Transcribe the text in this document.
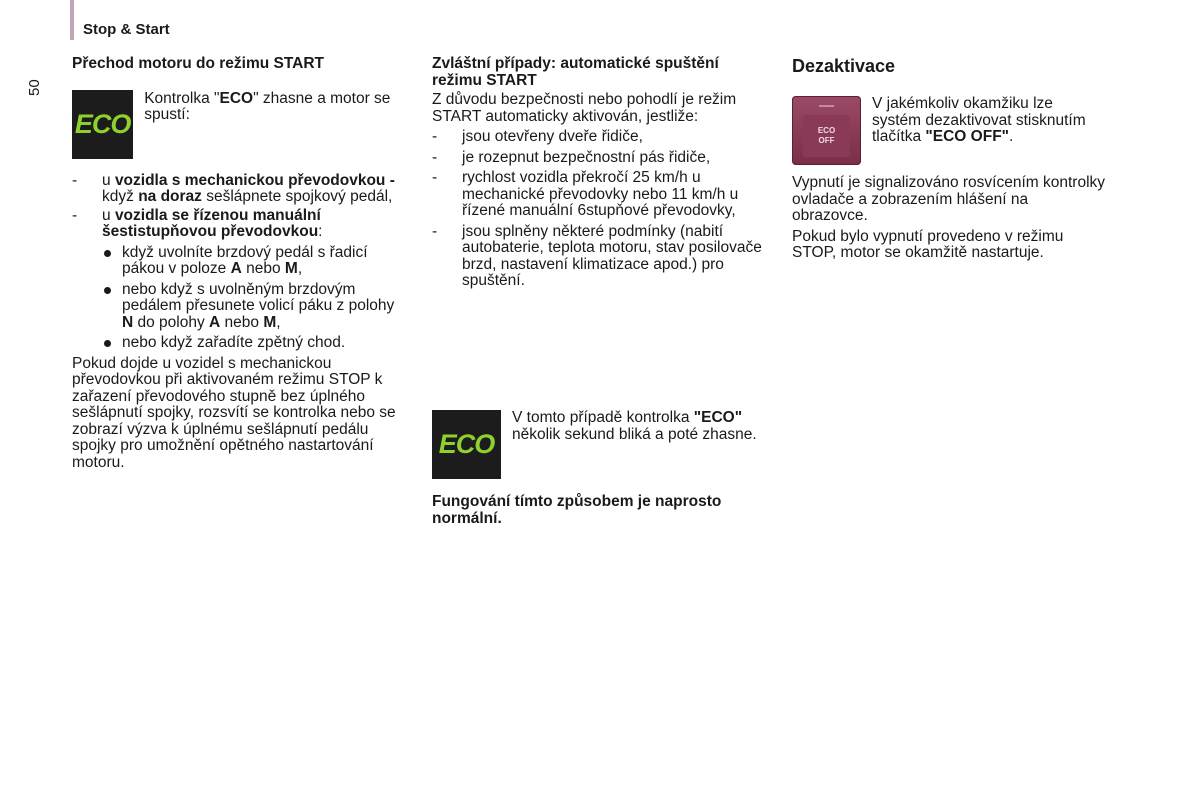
Stop & Start
50

Přechod motoru do režimu START

ECO

Kontrolka "ECO" zhasne a motor se spustí:

- u vozidla s mechanickou převodovkou - když na doraz sešlápnete spojkový pedál,
- u vozidla se řízenou manuální šestistupňovou převodovkou:
když uvolníte brzdový pedál s řadicí pákou v poloze A nebo M,
nebo když s uvolněným brzdovým pedálem přesunete volicí páku z polohy N do polohy A nebo M,
nebo když zařadíte zpětný chod.

Pokud dojde u vozidel s mechanickou převodovkou při aktivovaném režimu STOP k zařazení převodového stupně bez úplného sešlápnutí spojky, rozsvítí se kontrolka nebo se zobrazí výzva k úplnému sešlápnutí pedálu spojky pro umožnění opětného nastartování motoru.

Zvláštní případy: automatické spuštění režimu START

Z důvodu bezpečnosti nebo pohodlí je režim START automaticky aktivován, jestliže:

- jsou otevřeny dveře řidiče,
- je rozepnut bezpečnostní pás řidiče,
- rychlost vozidla překročí 25 km/h u mechanické převodovky nebo 11 km/h u řízené manuální 6stupňové převodovky,
- jsou splněny některé podmínky (nabití autobaterie, teplota motoru, stav posilovače brzd, nastavení klimatizace apod.) pro spuštění.
ECO

V tomto případě kontrolka "ECO" několik sekund bliká a poté zhasne.

Fungování tímto způsobem je naprosto normální.

Dezaktivace

ECO
OFF

V jakémkoliv okamžiku lze systém dezaktivovat stisknutím tlačítka "ECO OFF".

Vypnutí je signalizováno rosvícením kontrolky ovladače a zobrazením hlášení na obrazovce.

Pokud bylo vypnutí provedeno v režimu STOP, motor se okamžitě nastartuje.
